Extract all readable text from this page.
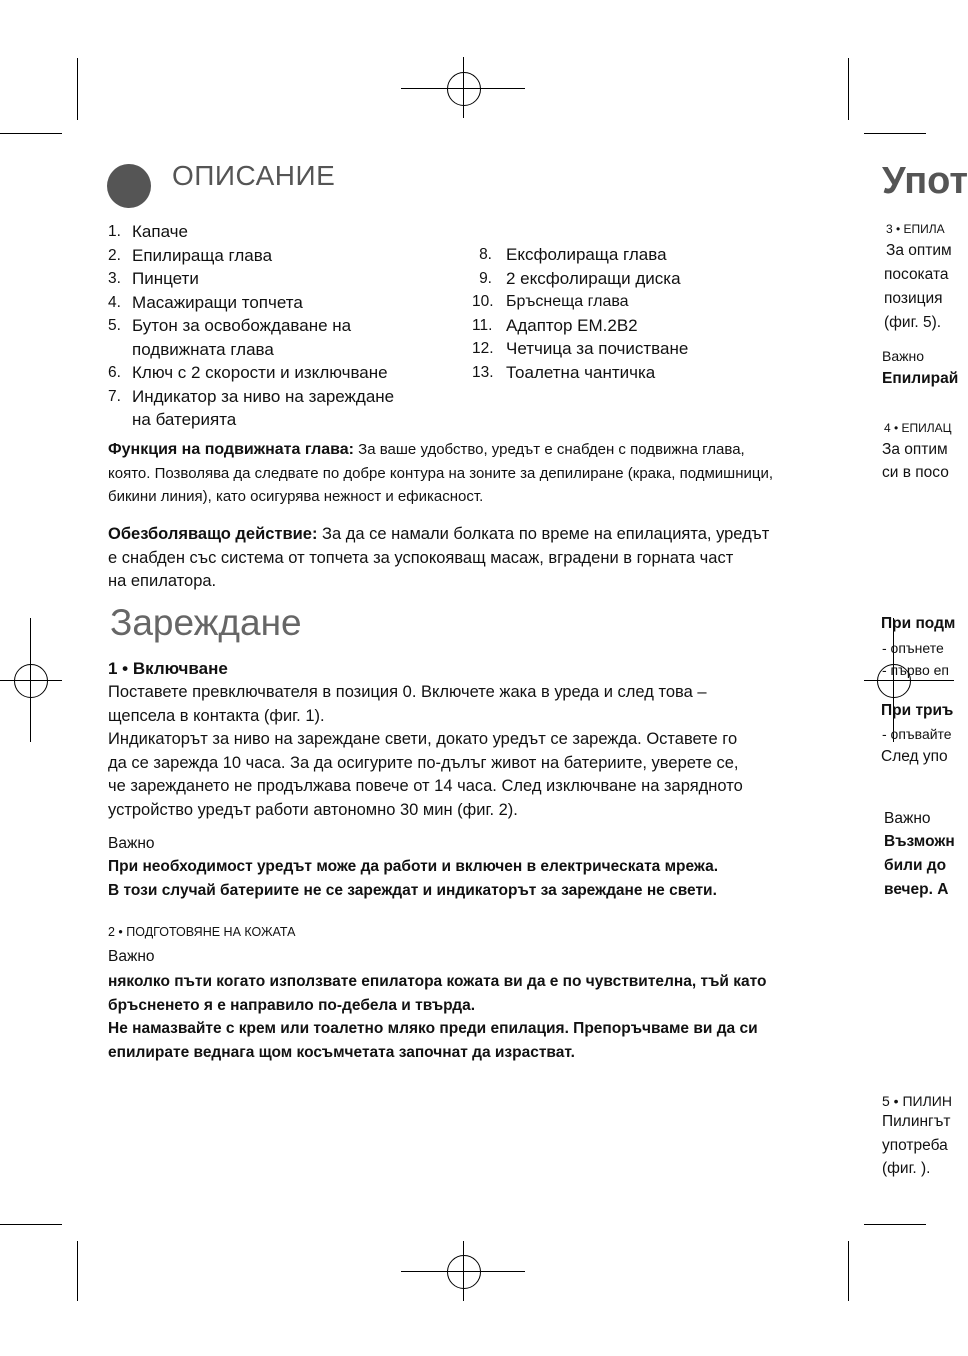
ОПИСАНИЕ
1. Капаче
2. Епилираща глава
3. Пинцети
4. Масажиращи топчета
5. Бутон за освобождаване на
подвижната глава
6. Ключ с 2 скорости и изключване
7. Индикатор за ниво на зареждане
на батерията
8. Ексфолираща глава
9. 2 ексфолиращи диска
10. Бръснеща глава
11. Адаптор EM.2B2
12. Четчица за почистване
13. Тоалетна чантичка
Функция на подвижната глава: За ваше удобство, уредът е снабден с подвижна глава,
която. Позволява да следвате по добре контура на зоните за депилиране (крака, подмишници,
бикини линия), като осигурява нежност и ефикасност.
Обезболяващо действие: За да се намали болката по време на епилацията, уредът
е снабден със система от топчета за успокояващ масаж, вградени в горната част
на епилатора.
Зареждане
1 • Включване
Поставете превключвателя в позиция 0. Включете жака в уреда и след това –
щепсела в контакта (фиг. 1).
Индикаторът за ниво на зареждане свети, докато уредът се зарежда. Оставете го
да се зарежда 10 часа. За да осигурите по-дълъг живот на батериите, уверете се,
че зареждането не продължава повече от 14 часа. След изключване на зарядното
устройство уредът работи автономно 30 мин (фиг. 2).
Важно
При необходимост уредът може да работи и включен в електрическата мрежа.
В този случай батериите не се зареждат и индикаторът за зареждане не свети.
2 • ПОДГОТОВЯНЕ НА КОЖАТА
Важно
няколко пъти когато използвате епилатора кожата ви да е по чувствителна, тъй като
бръсненето я е направило по-дебела и твърда.
Не намазвайте с крем или тоалетно мляко преди епилация. Препоръчваме ви да си
епилирате веднага щом косъмчетата започнат да израстват.
Упот
3 • ЕПИЛА
За оптим
посоката
позиция
(фиг. 5).
Важно
Епилирай
4 • ЕПИЛАЦ
За оптим
си в посо
При подм
- опънете
- първо еп
При триъ
- опъвайте
След упо
Важно
Възможн
били до
вечер. А
5 • ПИЛИН
Пилингът
употреба
(фиг. ).
